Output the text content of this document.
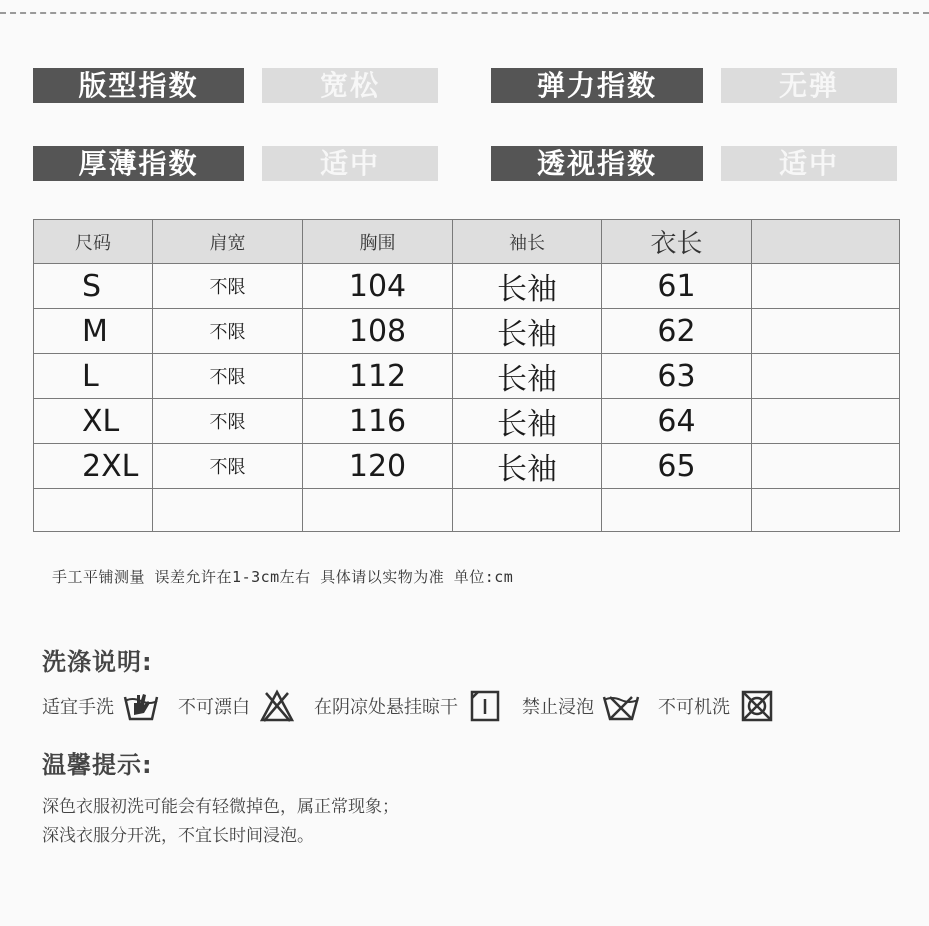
版型指数	宽松	弹力指数	无弹
厚薄指数	适中	透视指数	适中
尺码	肩宽	胸围	袖长	衣长	
S	不限	104	长袖	61	
M	不限	108	长袖	62	
L	不限	112	长袖	63	
XL	不限	116	长袖	64	
2XL	不限	120	长袖	65	

手工平铺测量 误差允许在1-3cm左右 具体请以实物为准 单位:cm
洗涤说明:
适宜手洗	不可漂白	在阴凉处悬挂晾干	禁止浸泡	不可机洗
温馨提示:
深色衣服初洗可能会有轻微掉色，属正常现象；
深浅衣服分开洗，不宜长时间浸泡。
